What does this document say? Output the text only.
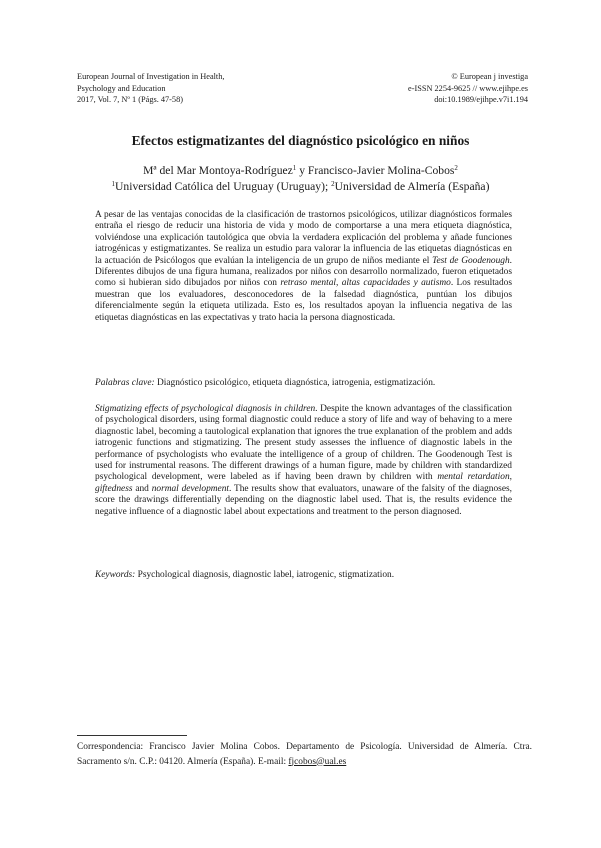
European Journal of Investigation in Health,
Psychology and Education
2017, Vol. 7, Nº 1 (Págs. 47-58)
© European j investiga
e-ISSN 2254-9625 // www.ejihpe.es
doi:10.1989/ejihpe.v7i1.194
Efectos estigmatizantes del diagnóstico psicológico en niños
Mª del Mar Montoya-Rodríguez$^1$ y Francisco-Javier Molina-Cobos$^2$
$^1$Universidad Católica del Uruguay (Uruguay); $^2$Universidad de Almería (España)
A pesar de las ventajas conocidas de la clasificación de trastornos psicológicos, utilizar diagnósticos formales entraña el riesgo de reducir una historia de vida y modo de comportarse a una mera etiqueta diagnóstica, volviéndose una explicación tautológica que obvia la verdadera explicación del problema y añade funciones iatrogénicas y estigmatizantes. Se realiza un estudio para valorar la influencia de las etiquetas diagnósticas en la actuación de Psicólogos que evalúan la inteligencia de un grupo de niños mediante el Test de Goodenough. Diferentes dibujos de una figura humana, realizados por niños con desarrollo normalizado, fueron etiquetados como si hubieran sido dibujados por niños con retraso mental, altas capacidades y autismo. Los resultados muestran que los evaluadores, desconocedores de la falsedad diagnóstica, puntúan los dibujos diferencialmente según la etiqueta utilizada. Esto es, los resultados apoyan la influencia negativa de las etiquetas diagnósticas en las expectativas y trato hacia la persona diagnosticada.
Palabras clave: Diagnóstico psicológico, etiqueta diagnóstica, iatrogenia, estigmatización.
Stigmatizing effects of psychological diagnosis in children. Despite the known advantages of the classification of psychological disorders, using formal diagnostic could reduce a story of life and way of behaving to a mere diagnostic label, becoming a tautological explanation that ignores the true explanation of the problem and adds iatrogenic functions and stigmatizing. The present study assesses the influence of diagnostic labels in the performance of psychologists who evaluate the intelligence of a group of children. The Goodenough Test is used for instrumental reasons. The different drawings of a human figure, made by children with standardized psychological development, were labeled as if having been drawn by children with mental retardation, giftedness and normal development. The results show that evaluators, unaware of the falsity of the diagnoses, score the drawings differentially depending on the diagnostic label used. That is, the results evidence the negative influence of a diagnostic label about expectations and treatment to the person diagnosed.
Keywords: Psychological diagnosis, diagnostic label, iatrogenic, stigmatization.
Correspondencia: Francisco Javier Molina Cobos. Departamento de Psicología. Universidad de Almería. Ctra. Sacramento s/n. C.P.: 04120. Almería (España). E-mail: fjcobos@ual.es
